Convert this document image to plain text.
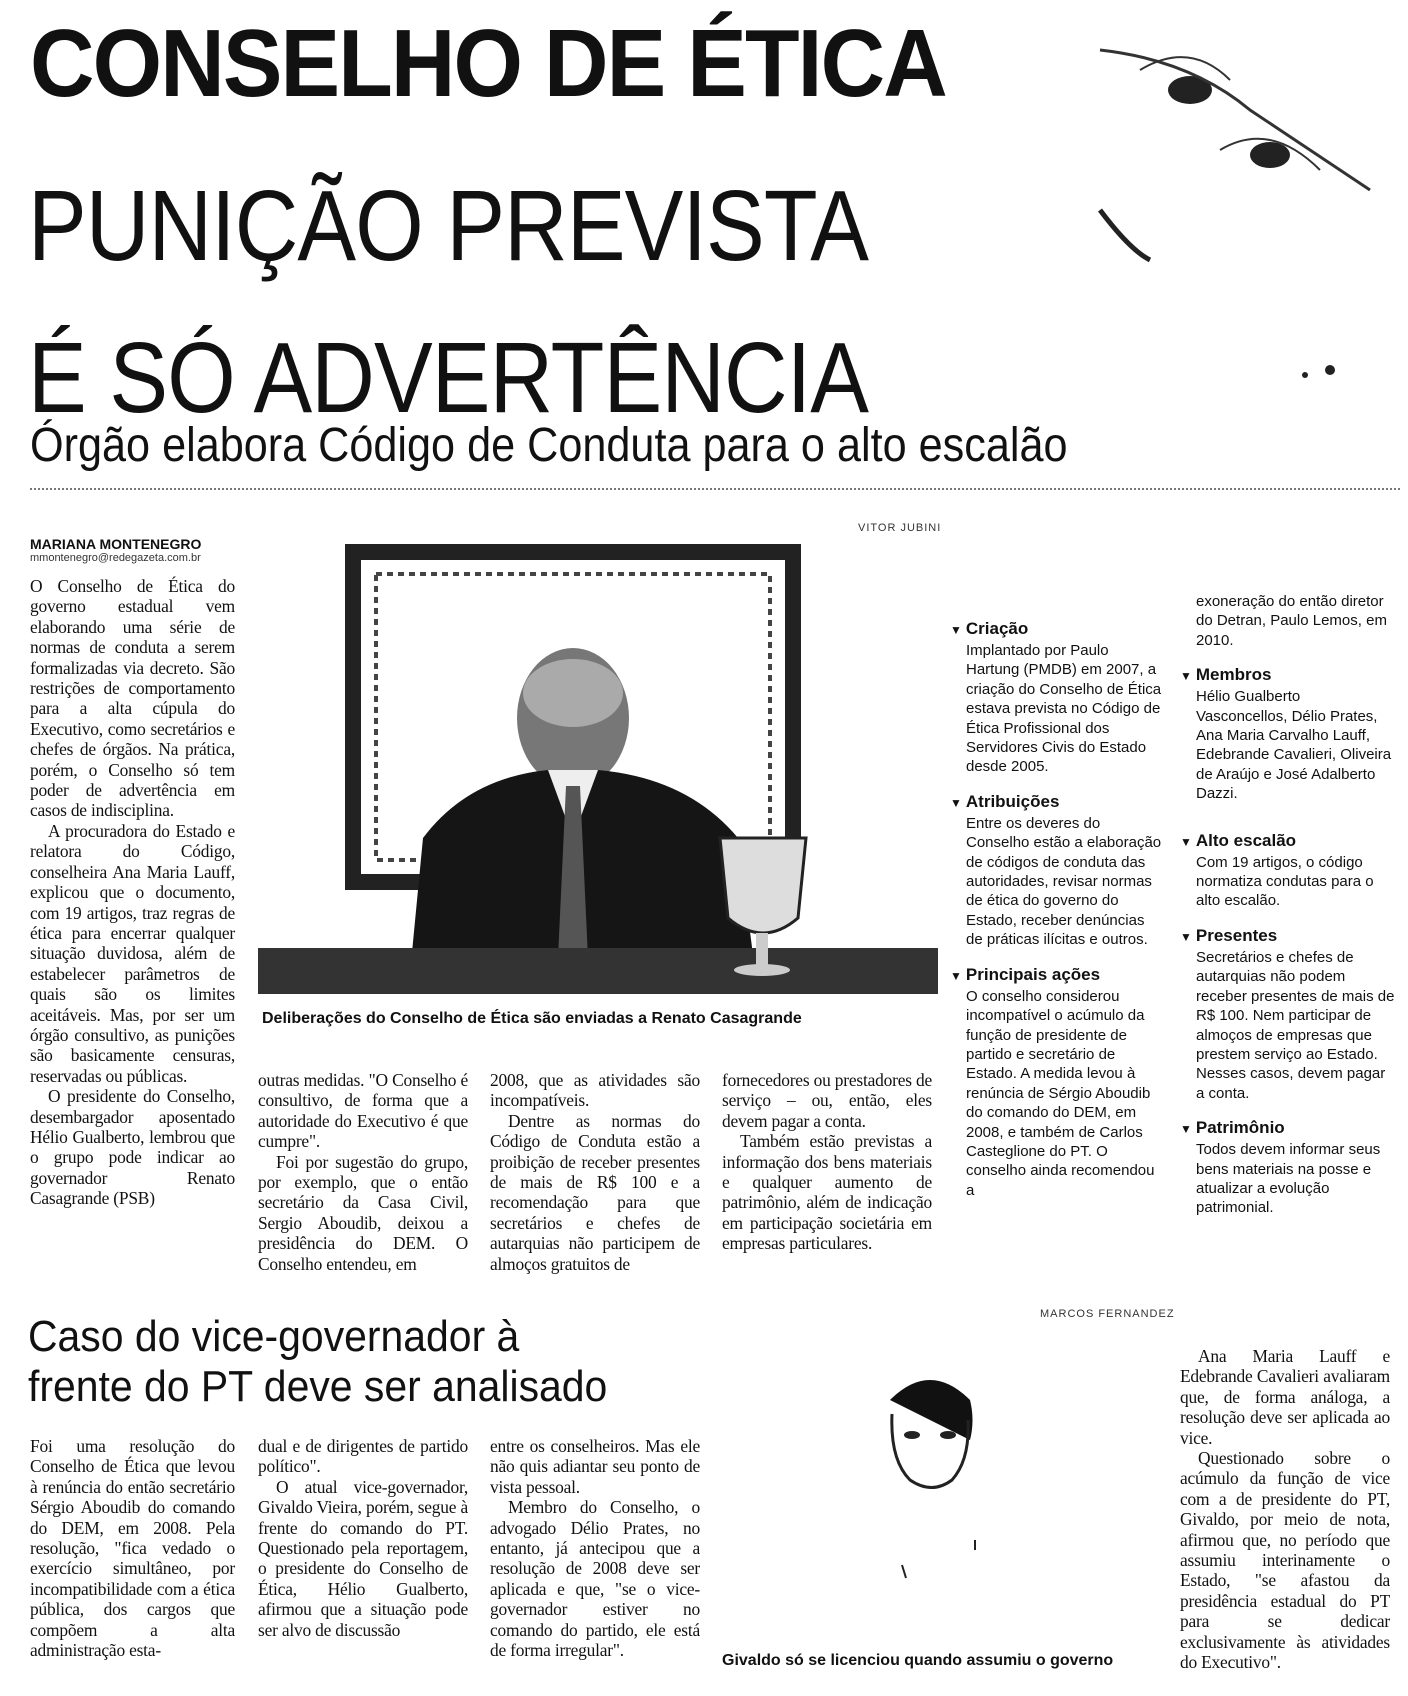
CONSELHO DE ÉTICA
PUNIÇÃO PREVISTA
É SÓ ADVERTÊNCIA
Órgão elabora Código de Conduta para o alto escalão
MARIANA MONTENEGRO
mmontenegro@redegazeta.com.br

O Conselho de Ética do governo estadual vem elaborando uma série de normas de conduta a serem formalizadas via decreto. São restrições de comportamento para a alta cúpula do Executivo, como secretários e chefes de órgãos. Na prática, porém, o Conselho só tem poder de advertência em casos de indisciplina.

A procuradora do Estado e relatora do Código, conselheira Ana Maria Lauff, explicou que o documento, com 19 artigos, traz regras de ética para encerrar qualquer situação duvidosa, além de estabelecer parâmetros de quais são os limites aceitáveis. Mas, por ser um órgão consultivo, as punições são basicamente censuras, reservadas ou públicas.

O presidente do Conselho, desembargador aposentado Hélio Gualberto, lembrou que o grupo pode indicar ao governador Renato Casagrande (PSB)

VITOR JUBINI
Deliberações do Conselho de Ética são enviadas a Renato Casagrande

outras medidas. "O Conselho é consultivo, de forma que a autoridade do Executivo é que cumpre".

Foi por sugestão do grupo, por exemplo, que o então secretário da Casa Civil, Sergio Aboudib, deixou a presidência do DEM. O Conselho entendeu, em

2008, que as atividades são incompatíveis.

Dentre as normas do Código de Conduta estão a proibição de receber presentes de mais de R$ 100 e a recomendação para que secretários e chefes de autarquias não participem de almoços gratuitos de

fornecedores ou prestadores de serviço – ou, então, eles devem pagar a conta.

Também estão previstas a informação dos bens materiais e qualquer aumento de patrimônio, além de indicação em participação societária em empresas particulares.

▼ Criação
Implantado por Paulo Hartung (PMDB) em 2007, a criação do Conselho de Ética estava prevista no Código de Ética Profissional dos Servidores Civis do Estado desde 2005.
▼ Atribuições
Entre os deveres do Conselho estão a elaboração de códigos de conduta das autoridades, revisar normas de ética do governo do Estado, receber denúncias de práticas ilícitas e outros.
▼ Principais ações
O conselho considerou incompatível o acúmulo da função de presidente de partido e secretário de Estado. A medida levou à renúncia de Sérgio Aboudib do comando do DEM, em 2008, e também de Carlos Casteglione do PT. O conselho ainda recomendou a
exoneração do então diretor do Detran, Paulo Lemos, em 2010.
▼ Membros
Hélio Gualberto Vasconcellos, Délio Prates, Ana Maria Carvalho Lauff, Edebrande Cavalieri, Oliveira de Araújo e José Adalberto Dazzi.
▼ Alto escalão
Com 19 artigos, o código normatiza condutas para o alto escalão.
▼ Presentes
Secretários e chefes de autarquias não podem receber presentes de mais de R$ 100. Nem participar de almoços de empresas que prestem serviço ao Estado. Nesses casos, devem pagar a conta.
▼ Patrimônio
Todos devem informar seus bens materiais na posse e atualizar a evolução patrimonial.
Caso do vice-governador à
frente do PT deve ser analisado

Foi uma resolução do Conselho de Ética que levou à renúncia do então secretário Sérgio Aboudib do comando do DEM, em 2008. Pela resolução, "fica vedado o exercício simultâneo, por incompatibilidade com a ética pública, dos cargos que compõem a alta administração esta-

dual e de dirigentes de partido político".

O atual vice-governador, Givaldo Vieira, porém, segue à frente do comando do PT. Questionado pela reportagem, o presidente do Conselho de Ética, Hélio Gualberto, afirmou que a situação pode ser alvo de discussão

entre os conselheiros. Mas ele não quis adiantar seu ponto de vista pessoal.

Membro do Conselho, o advogado Délio Prates, no entanto, já antecipou que a resolução de 2008 deve ser aplicada e que, "se o vice-governador estiver no comando do partido, ele está de forma irregular".

MARCOS FERNANDEZ
Givaldo só se licenciou quando assumiu o governo

Ana Maria Lauff e Edebrande Cavalieri avaliaram que, de forma análoga, a resolução deve ser aplicada ao vice.

Questionado sobre o acúmulo da função de vice com a de presidente do PT, Givaldo, por meio de nota, afirmou que, no período que assumiu interinamente o Estado, "se afastou da presidência estadual do PT para se dedicar exclusivamente às atividades do Executivo".
